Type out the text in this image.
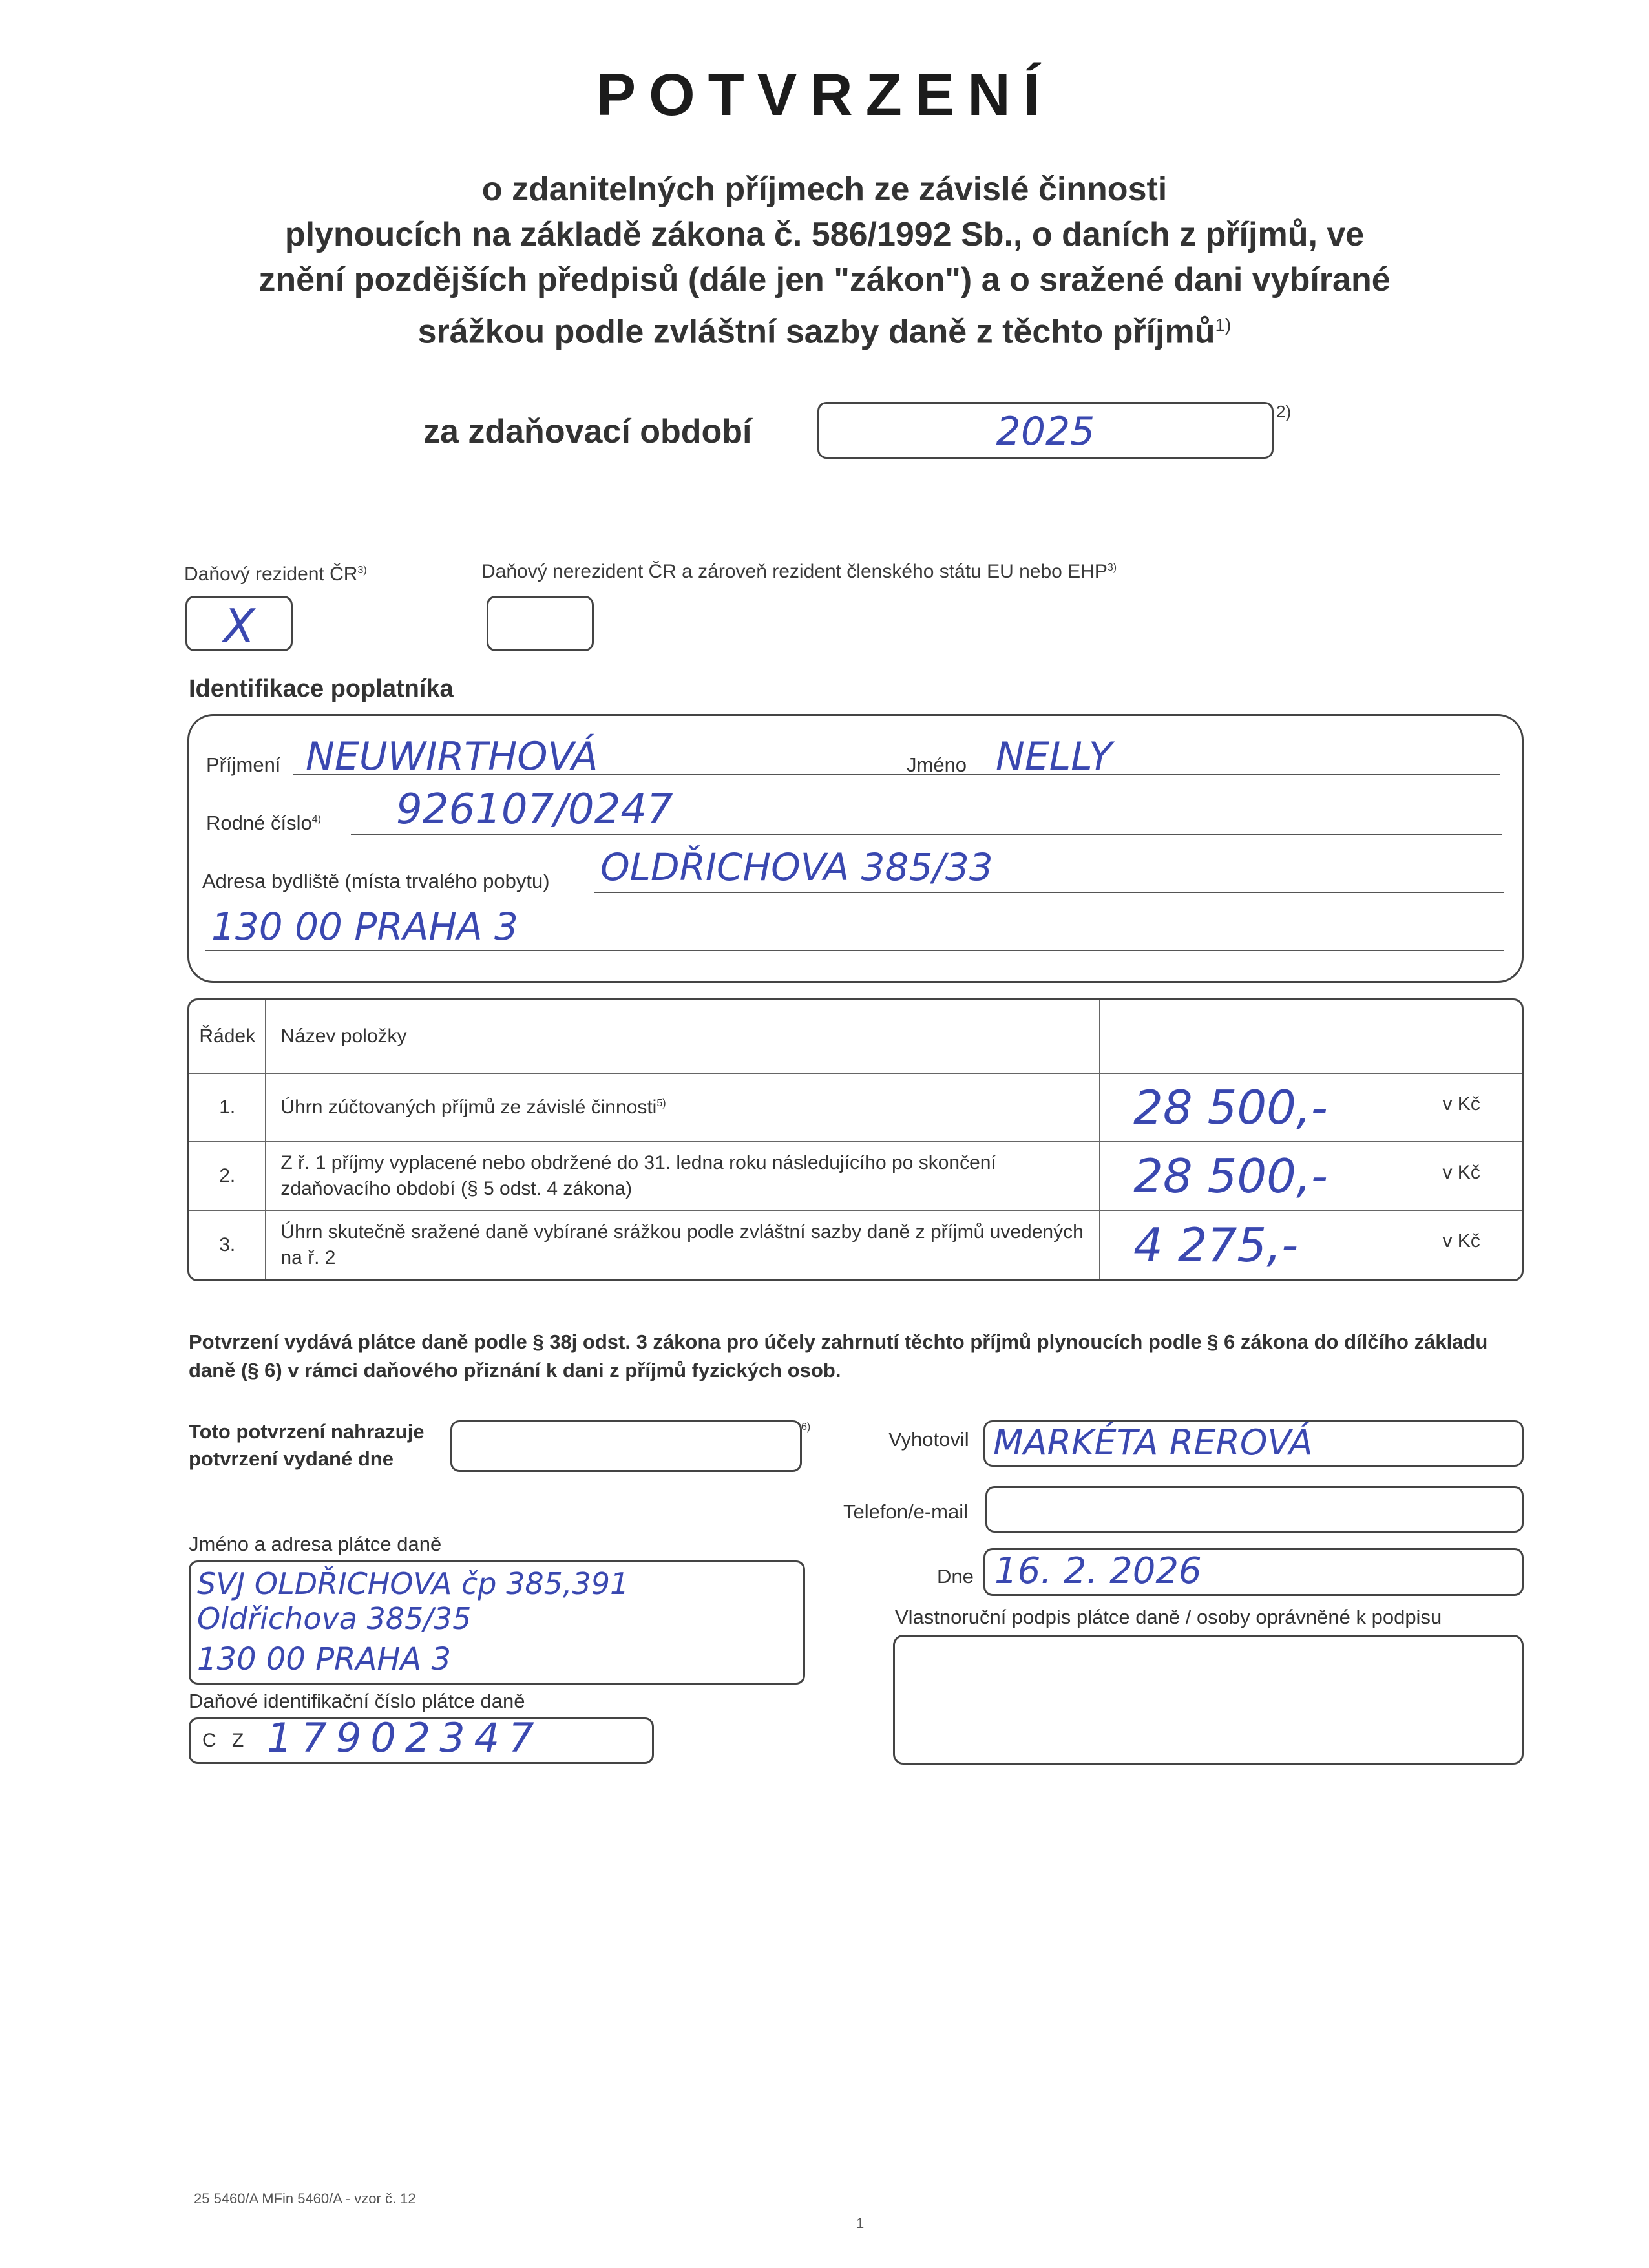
POTVRZENÍ
o zdanitelných příjmech ze závislé činnosti
plynoucích na základě zákona č. 586/1992 Sb., o daních z příjmů, ve
znění pozdějších předpisů (dále jen "zákon") a o sražené dani vybírané
srážkou podle zvláštní sazby daně z těchto příjmů$^{1)}$
za zdaňovací období	2025	2)
Daňový rezident ČR$^{3)}$
X
Daňový nerezident ČR a zároveň rezident členského státu EU nebo EHP$^{3)}$
Identifikace poplatníka
Příjmení NEUWIRTHOVÁ	Jméno NELLY
Rodné číslo$^{4)}$ 926107/0247
Adresa bydliště (místa trvalého pobytu) OLDŘICHOVA 385/33
130 00 PRAHA 3
Řádek	Název položky		
1.	Úhrn zúčtovaných příjmů ze závislé činnosti$^{5)}$	28 500,-	v Kč
2.	Z ř. 1 příjmy vyplacené nebo obdržené do 31. ledna roku následujícího po skončení zdaňovacího období (§ 5 odst. 4 zákona)	28 500,-	v Kč
3.	Úhrn skutečně sražené daně vybírané srážkou podle zvláštní sazby daně z příjmů uvedených na ř. 2	4 275,-	v Kč
Potvrzení vydává plátce daně podle § 38j odst. 3 zákona pro účely zahrnutí těchto příjmů plynoucích podle § 6 zákona do dílčího základu daně (§ 6) v rámci daňového přiznání k dani z příjmů fyzických osob.
Toto potvrzení nahrazuje
potvrzení vydané dne
6)
Vyhotovil MARKÉTA REROVÁ
Telefon/e-mail
Dne 16. 2. 2026
Vlastnoruční podpis plátce daně / osoby oprávněné k podpisu
Jméno a adresa plátce daně
SVJ OLDŘICHOVA čp 385,391
Oldřichova 385/35
130 00 PRAHA 3
Daňové identifikační číslo plátce daně
C Z 17902347
25 5460/A MFin 5460/A - vzor č. 12
1
